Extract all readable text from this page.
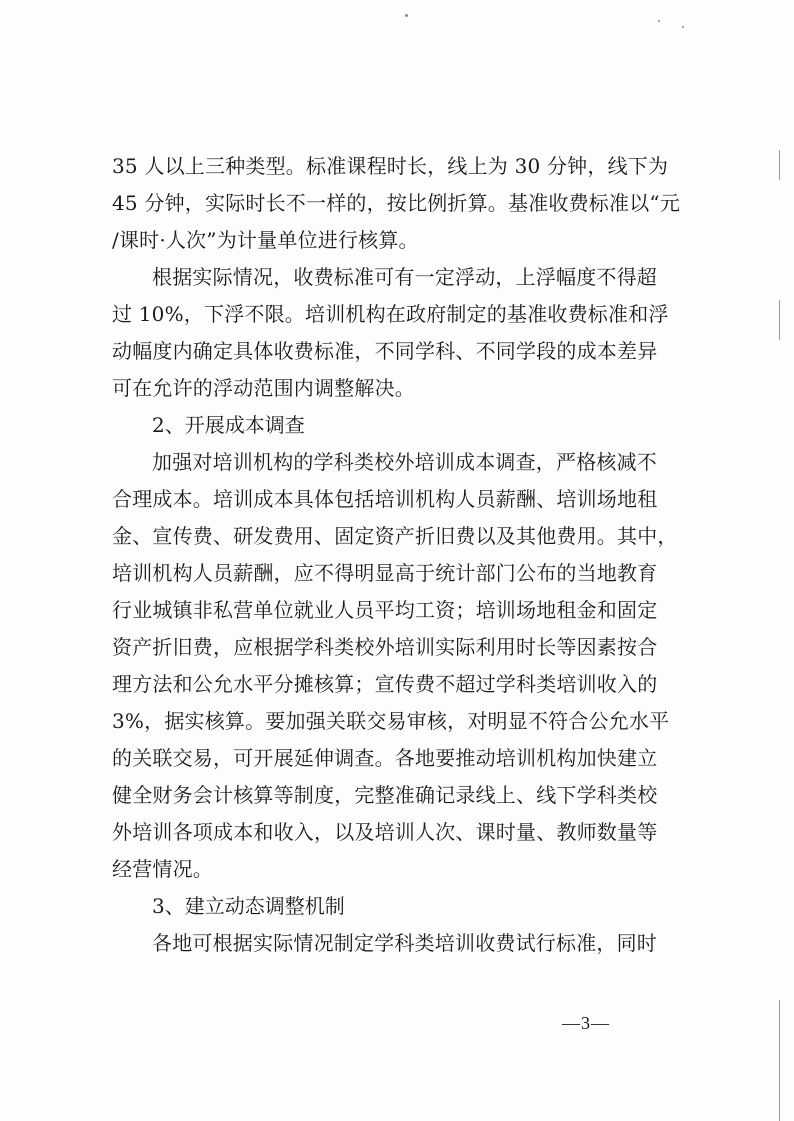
35 人以上三种类型。标准课程时长，线上为 30 分钟，线下为
45 分钟，实际时长不一样的，按比例折算。基准收费标准以“元
/课时·人次”为计量单位进行核算。
根据实际情况，收费标准可有一定浮动，上浮幅度不得超
过 10%，下浮不限。培训机构在政府制定的基准收费标准和浮
动幅度内确定具体收费标准，不同学科、不同学段的成本差异
可在允许的浮动范围内调整解决。
2、开展成本调查
加强对培训机构的学科类校外培训成本调查，严格核减不
合理成本。培训成本具体包括培训机构人员薪酬、培训场地租
金、宣传费、研发费用、固定资产折旧费以及其他费用。其中，
培训机构人员薪酬，应不得明显高于统计部门公布的当地教育
行业城镇非私营单位就业人员平均工资；培训场地租金和固定
资产折旧费，应根据学科类校外培训实际利用时长等因素按合
理方法和公允水平分摊核算；宣传费不超过学科类培训收入的
3%，据实核算。要加强关联交易审核，对明显不符合公允水平
的关联交易，可开展延伸调查。各地要推动培训机构加快建立
健全财务会计核算等制度，完整准确记录线上、线下学科类校
外培训各项成本和收入，以及培训人次、课时量、教师数量等
经营情况。
3、建立动态调整机制
各地可根据实际情况制定学科类培训收费试行标准，同时
—3—
